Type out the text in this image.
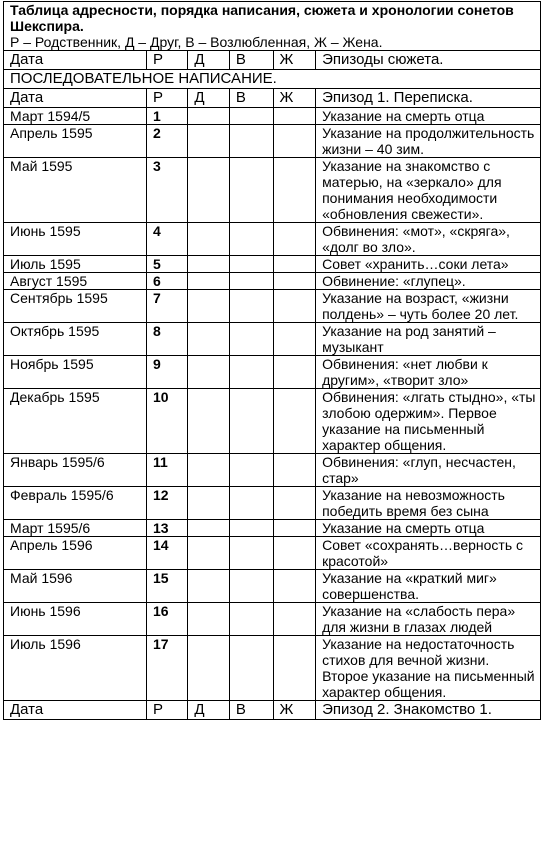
Таблица адресности, порядка написания, сюжета и хронологии сонетов Шекспира.
Р – Родственник, Д – Друг, В – Возлюбленная, Ж – Жена.					

Дата	Р	Д	В	Ж	Эпизоды сюжета.
ПОСЛЕДОВАТЕЛЬНОЕ НАПИСАНИЕ.					
Дата	Р	Д	В	Ж	Эпизод 1. Переписка.
Март 1594/5	1				Указание на смерть отца
Апрель 1595	2				Указание на продолжительность жизни – 40 зим.
Май 1595	3				Указание на знакомство с матерью, на «зеркало» для понимания необходимости «обновления свежести».
Июнь 1595	4				Обвинения: «мот», «скряга», «долг во зло».
Июль 1595	5				Совет «хранить…соки лета»
Август 1595	6				Обвинение: «глупец».
Сентябрь 1595	7				Указание на возраст, «жизни полдень» – чуть более 20 лет.
Октябрь 1595	8				Указание на род занятий – музыкант
Ноябрь 1595	9				Обвинения: «нет любви к другим», «творит зло»
Декабрь 1595	10				Обвинения: «лгать стыдно», «ты злобою одержим». Первое указание на письменный характер общения.
Январь 1595/6	11				Обвинения: «глуп, несчастен, стар»
Февраль 1595/6	12				Указание на невозможность победить время без сына
Март 1595/6	13				Указание на смерть отца
Апрель 1596	14				Совет «сохранять…верность с красотой»
Май 1596	15				Указание на «краткий миг» совершенства.
Июнь 1596	16				Указание на «слабость пера» для жизни в глазах людей
Июль 1596	17				Указание на недостаточность стихов для вечной жизни. Второе указание на письменный характер общения.
Дата	Р	Д	В	Ж	Эпизод 2. Знакомство 1.
